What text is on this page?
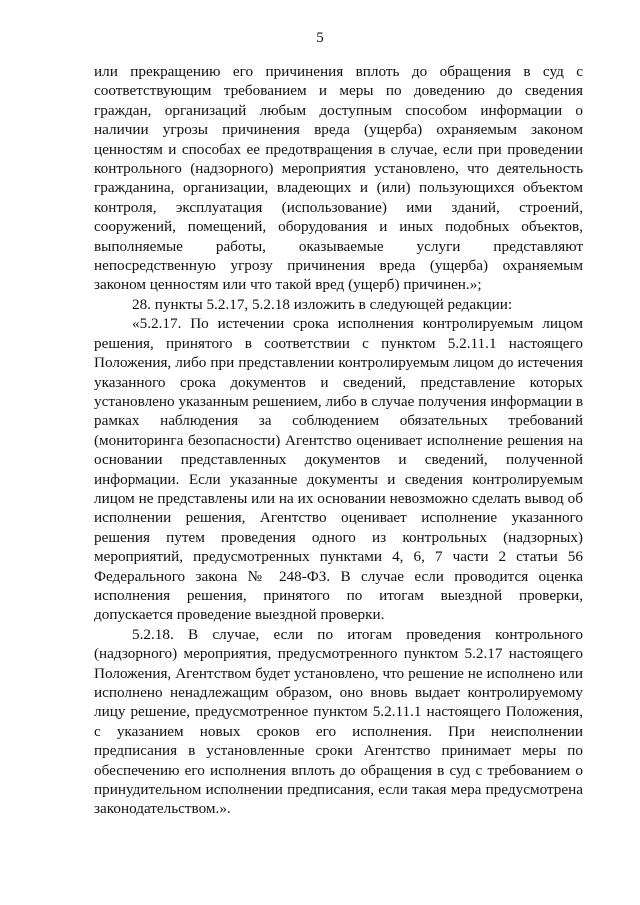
5

или прекращению его причинения вплоть до обращения в суд с соответствующим требованием и меры по доведению до сведения граждан, организаций любым доступным способом информации о наличии угрозы причинения вреда (ущерба) охраняемым законом ценностям и способах ее предотвращения в случае, если при проведении контрольного (надзорного) мероприятия установлено, что деятельность гражданина, организации, владеющих и (или) пользующихся объектом контроля, эксплуатация (использование) ими зданий, строений, сооружений, помещений, оборудования и иных подобных объектов, выполняемые работы, оказываемые услуги представляют непосредственную угрозу причинения вреда (ущерба) охраняемым законом ценностям или что такой вред (ущерб) причинен.»;

28. пункты 5.2.17, 5.2.18 изложить в следующей редакции:

«5.2.17. По истечении срока исполнения контролируемым лицом решения, принятого в соответствии с пунктом 5.2.11.1 настоящего Положения, либо при представлении контролируемым лицом до истечения указанного срока документов и сведений, представление которых установлено указанным решением, либо в случае получения информации в рамках наблюдения за соблюдением обязательных требований (мониторинга безопасности) Агентство оценивает исполнение решения на основании представленных документов и сведений, полученной информации. Если указанные документы и сведения контролируемым лицом не представлены или на их основании невозможно сделать вывод об исполнении решения, Агентство оценивает исполнение указанного решения путем проведения одного из контрольных (надзорных) мероприятий, предусмотренных пунктами 4, 6, 7 части 2 статьи 56 Федерального закона № 248-ФЗ. В случае если проводится оценка исполнения решения, принятого по итогам выездной проверки, допускается проведение выездной проверки.

5.2.18. В случае, если по итогам проведения контрольного (надзорного) мероприятия, предусмотренного пунктом 5.2.17 настоящего Положения, Агентством будет установлено, что решение не исполнено или исполнено ненадлежащим образом, оно вновь выдает контролируемому лицу решение, предусмотренное пунктом 5.2.11.1 настоящего Положения, с указанием новых сроков его исполнения. При неисполнении предписания в установленные сроки Агентство принимает меры по обеспечению его исполнения вплоть до обращения в суд с требованием о принудительном исполнении предписания, если такая мера предусмотрена законодательством.».
